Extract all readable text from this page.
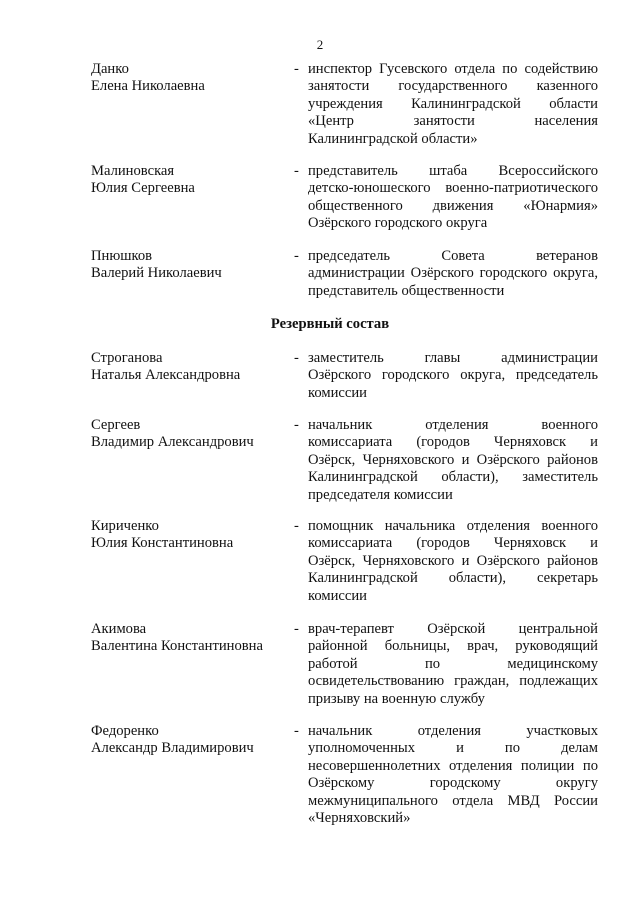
2
Данко
Елена Николаевна
- инспектор Гусевского отдела по содействию
занятости государственного казенного
учреждения Калининградской области
«Центр занятости населения
Калининградской области»
Малиновская
Юлия Сергеевна
- представитель штаба Всероссийского
детско-юношеского военно-патриотического
общественного движения «Юнармия»
Озёрского городского округа
Пнюшков
Валерий Николаевич
- председатель Совета ветеранов
администрации Озёрского городского округа,
представитель общественности
Резервный состав
Строганова
Наталья Александровна
- заместитель главы администрации
Озёрского городского округа, председатель
комиссии
Сергеев
Владимир Александрович
- начальник отделения военного
комиссариата (городов Черняховск и
Озёрск, Черняховского и Озёрского районов
Калининградской области), заместитель
председателя комиссии
Кириченко
Юлия Константиновна
- помощник начальника отделения военного
комиссариата (городов Черняховск и
Озёрск, Черняховского и Озёрского районов
Калининградской области), секретарь
комиссии
Акимова
Валентина Константиновна
- врач-терапевт Озёрской центральной
районной больницы, врач, руководящий
работой по медицинскому
освидетельствованию граждан, подлежащих
призыву на военную службу
Федоренко
Александр Владимирович
- начальник отделения участковых
уполномоченных и по делам
несовершеннолетних отделения полиции по
Озёрскому городскому округу
межмуниципального отдела МВД России
«Черняховский»
